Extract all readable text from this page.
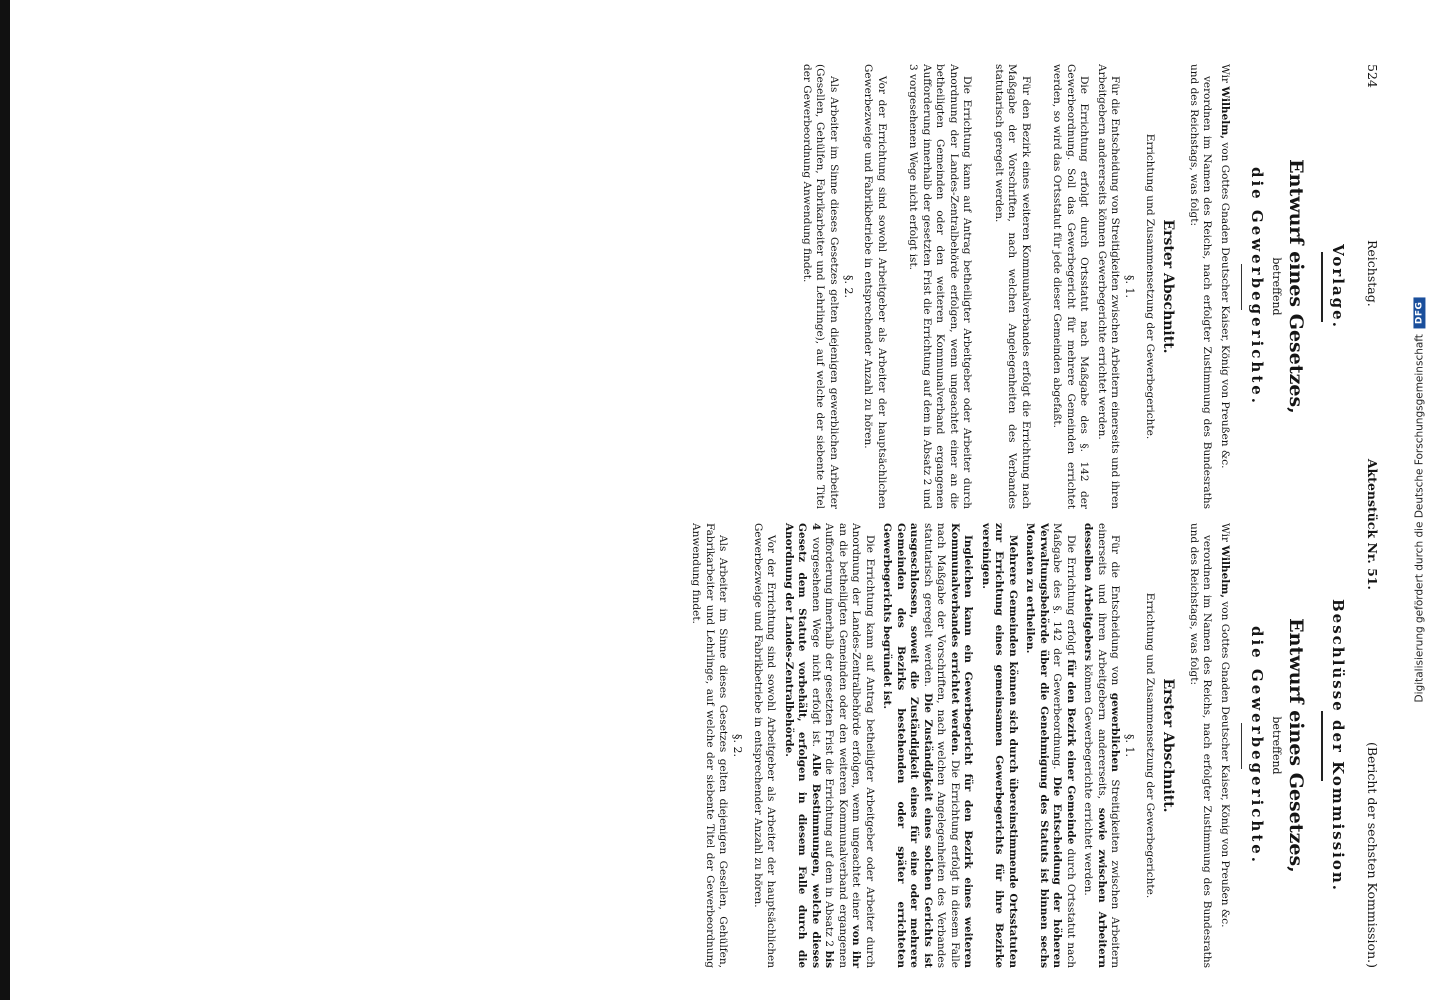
Digitalisierung gefördert durch die Deutsche Forschungsgemeinschaft
DFG
524
Reichstag.
Aktenstück Nr. 51.
(Bericht der sechsten Kommission.)
Vorlage.
Entwurf eines Gesetzes,
betreffend
die Gewerbegerichte.

Wir Wilhelm, von Gottes Gnaden Deutscher Kaiser, König von Preußen &c.

verordnen im Namen des Reichs, nach erfolgter Zustimmung des Bundesraths und des Reichstags, was folgt:

Erster Abschnitt.
Errichtung und Zusammensetzung der Gewerbegerichte.
§. 1.

Für die Entscheidung von Streitigkeiten zwischen Arbeitern einerseits und ihren Arbeitgebern andererseits können Gewerbegerichte errichtet werden.

Die Errichtung erfolgt durch Ortsstatut nach Maßgabe des §. 142 der Gewerbeordnung. Soll das Gewerbegericht für mehrere Gemeinden errichtet werden, so wird das Ortsstatut für jede dieser Gemeinden abgefaßt.

Für den Bezirk eines weiteren Kommunalverbandes erfolgt die Errichtung nach Maßgabe der Vorschriften, nach welchen Angelegenheiten des Verbandes statutarisch geregelt werden.

Die Errichtung kann auf Antrag betheiligter Arbeitgeber oder Arbeiter durch Anordnung der Landes-Zentralbehörde erfolgen, wenn ungeachtet einer an die betheiligten Gemeinden oder den weiteren Kommunalverband ergangenen Aufforderung innerhalb der gesetzten Frist die Errichtung auf dem in Absatz 2 und 3 vorgesehenen Wege nicht erfolgt ist.

Vor der Errichtung sind sowohl Arbeitgeber als Arbeiter der hauptsächlichen Gewerbezweige und Fabrikbetriebe in entsprechender Anzahl zu hören.

§. 2.

Als Arbeiter im Sinne dieses Gesetzes gelten diejenigen gewerblichen Arbeiter (Gesellen, Gehülfen, Fabrikarbeiter und Lehrlinge), auf welche der siebente Titel der Gewerbeordnung Anwendung findet.

Beschlüsse der Kommission.
Entwurf eines Gesetzes,
betreffend
die Gewerbegerichte.

Wir Wilhelm, von Gottes Gnaden Deutscher Kaiser, König von Preußen &c.

verordnen im Namen des Reichs, nach erfolgter Zustimmung des Bundesraths und des Reichstags, was folgt:

Erster Abschnitt.
Errichtung und Zusammensetzung der Gewerbegerichte.
§. 1.

Für die Entscheidung von gewerblichen Streitigkeiten zwischen Arbeitern einerseits und ihren Arbeitgebern andererseits, sowie zwischen Arbeitern desselben Arbeitgebers können Gewerbegerichte errichtet werden.

Die Errichtung erfolgt für den Bezirk einer Gemeinde durch Ortsstatut nach Maßgabe des §. 142 der Gewerbeordnung. Die Entscheidung der höheren Verwaltungsbehörde über die Genehmigung des Statuts ist binnen sechs Monaten zu ertheilen.

Mehrere Gemeinden können sich durch übereinstimmende Ortsstatuten zur Errichtung eines gemeinsamen Gewerbegerichts für ihre Bezirke vereinigen.

Ingleichen kann ein Gewerbegericht für den Bezirk eines weiteren Kommunalverbandes errichtet werden. Die Errichtung erfolgt in diesem Falle nach Maßgabe der Vorschriften, nach welchen Angelegenheiten des Verbandes statutarisch geregelt werden. Die Zuständigkeit eines solchen Gerichts ist ausgeschlossen, soweit die Zuständigkeit eines für eine oder mehrere Gemeinden des Bezirks bestehenden oder später errichteten Gewerbegerichts begründet ist.

Die Errichtung kann auf Antrag betheiligter Arbeitgeber oder Arbeiter durch Anordnung der Landes-Zentralbehörde erfolgen, wenn ungeachtet einer von ihr an die betheiligten Gemeinden oder den weiteren Kommunalverband ergangenen Aufforderung innerhalb der gesetzten Frist die Errichtung auf dem in Absatz 2 bis 4 vorgesehenen Wege nicht erfolgt ist. Alle Bestimmungen, welche dieses Gesetz dem Statute vorbehält, erfolgen in diesem Falle durch die Anordnung der Landes-Zentralbehörde.

Vor der Errichtung sind sowohl Arbeitgeber als Arbeiter der hauptsächlichen Gewerbezweige und Fabrikbetriebe in entsprechender Anzahl zu hören.

§. 2.

Als Arbeiter im Sinne dieses Gesetzes gelten diejenigen Gesellen, Gehülfen, Fabrikarbeiter und Lehrlinge, auf welche der siebente Titel der Gewerbeordnung Anwendung findet.
